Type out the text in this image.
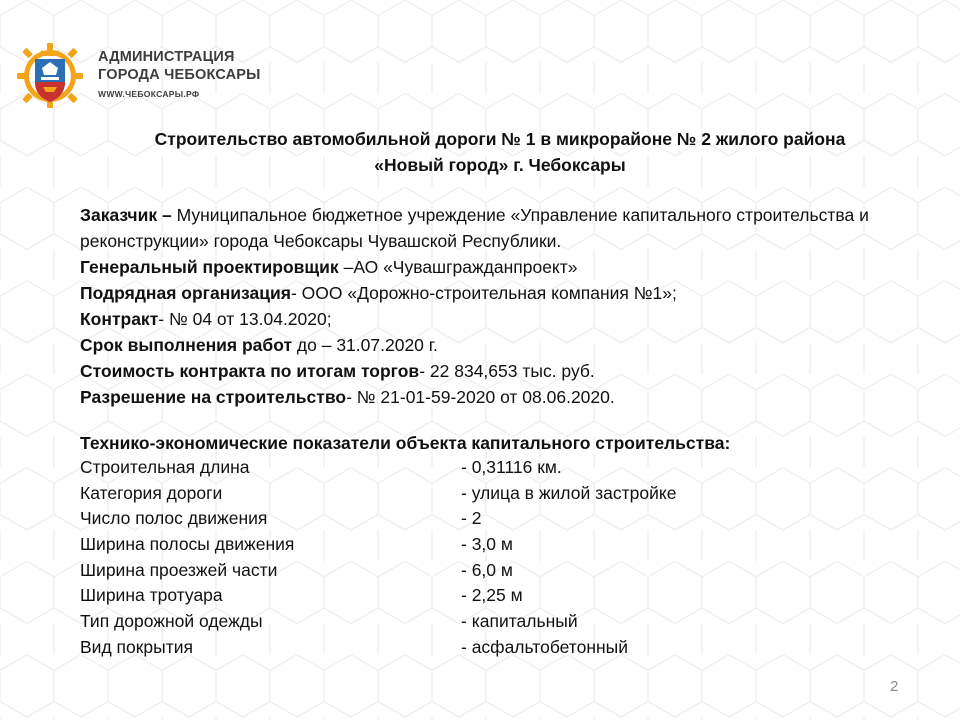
АДМИНИСТРАЦИЯ
ГОРОДА ЧЕБОКСАРЫ
WWW.ЧЕБОКСАРЫ.РФ
Строительство автомобильной дороги № 1 в микрорайоне № 2 жилого района
«Новый город» г. Чебоксары
Заказчик – Муниципальное бюджетное учреждение «Управление капитального строительства и реконструкции» города Чебоксары Чувашской Республики.
Генеральный проектировщик –АО «Чувашгражданпроект»
Подрядная организация- ООО «Дорожно-строительная компания №1»;
Контракт- № 04 от 13.04.2020;
Срок выполнения работ до – 31.07.2020 г.
Стоимость контракта по итогам торгов- 22 834,653 тыс. руб.
Разрешение на строительство- № 21-01-59-2020 от 08.06.2020.
Технико-экономические показатели объекта капитального строительства:
Строительная длина	- 0,31116 км.
Категория дороги	- улица в жилой застройке
Число полос движения	- 2
Ширина полосы движения	- 3,0 м
Ширина проезжей части	- 6,0 м
Ширина тротуара	- 2,25 м
Тип дорожной одежды	- капитальный
Вид покрытия	- асфальтобетонный
2
